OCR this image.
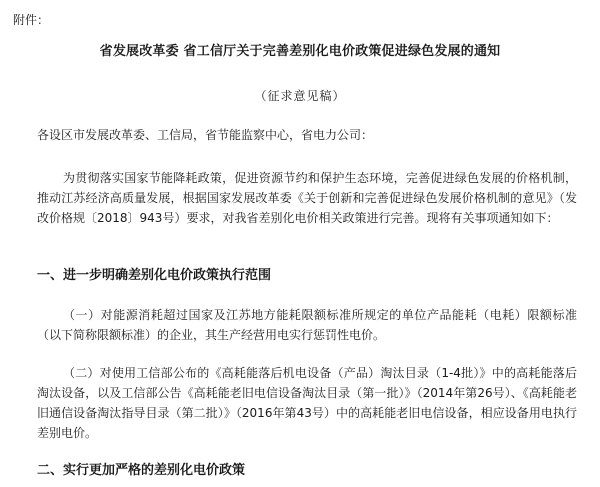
附件：
省发展改革委 省工信厅关于完善差别化电价政策促进绿色发展的通知
（征求意见稿）
各设区市发展改革委、工信局，省节能监察中心，省电力公司：
为贯彻落实国家节能降耗政策，促进资源节约和保护生态环境，完善促进绿色发展的价格机制，推动江苏经济高质量发展，根据国家发展改革委《关于创新和完善促进绿色发展价格机制的意见》（发改价格规〔2018〕943号）要求，对我省差别化电价相关政策进行完善。现将有关事项通知如下：
一、进一步明确差别化电价政策执行范围
（一）对能源消耗超过国家及江苏地方能耗限额标准所规定的单位产品能耗（电耗）限额标准（以下简称限额标准）的企业，其生产经营用电实行惩罚性电价。
（二）对使用工信部公布的《高耗能落后机电设备（产品）淘汰目录（1-4批）》中的高耗能落后淘汰设备，以及工信部公告《高耗能老旧电信设备淘汰目录（第一批）》（2014年第26号）、《高耗能老旧通信设备淘汰指导目录（第二批）》（2016年第43号）中的高耗能老旧电信设备，相应设备用电执行差别电价。
二、实行更加严格的差别化电价政策
